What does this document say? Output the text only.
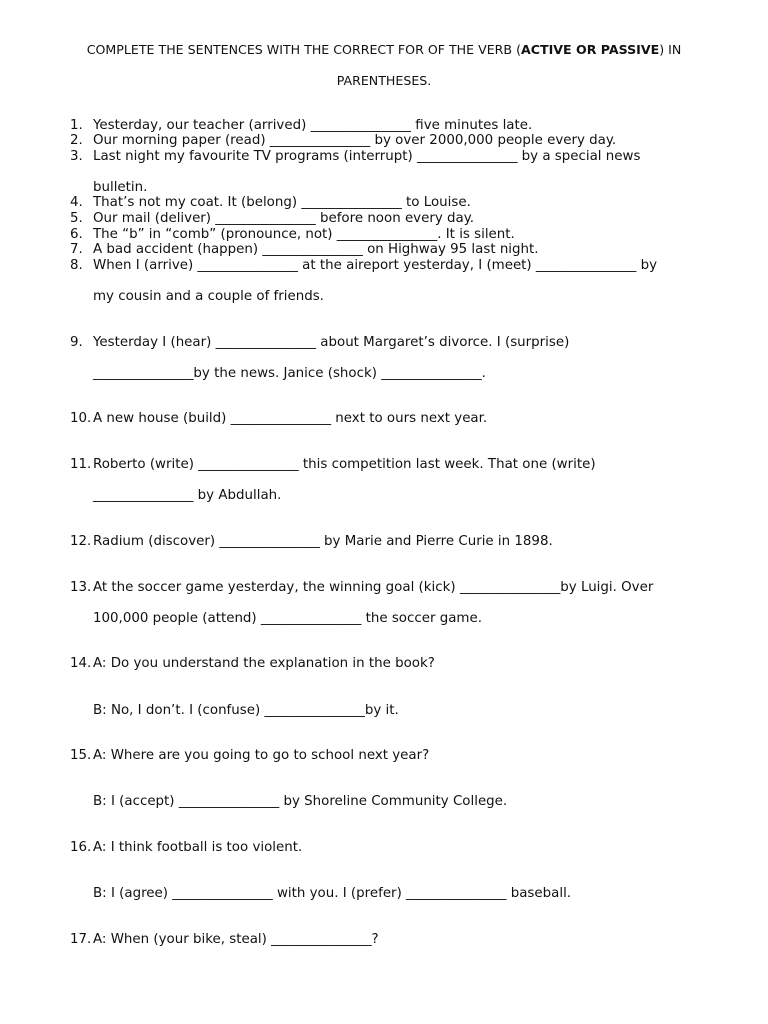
COMPLETE THE SENTENCES WITH THE CORRECT FOR OF THE VERB (ACTIVE OR PASSIVE) IN
PARENTHESES.
1. Yesterday, our teacher (arrived) _______________ five minutes late.
2. Our morning paper (read) _______________ by over 2000,000 people every day.
3. Last night my favourite TV programs (interrupt) _______________ by a special news
bulletin.
4. That’s not my coat. It (belong) _______________ to Louise.
5. Our mail (deliver) _______________ before noon every day.
6. The “b” in “comb” (pronounce, not) _______________. It is silent.
7. A bad accident (happen) _______________ on Highway 95 last night.
8. When I (arrive) _______________ at the aireport yesterday, I (meet) _______________ by
my cousin and a couple of friends.
9. Yesterday I (hear) _______________ about Margaret’s divorce. I (surprise)
_______________by the news. Janice (shock) _______________.
10. A new house (build) _______________ next to ours next year.
11. Roberto (write) _______________ this competition last week. That one (write)
_______________ by Abdullah.
12. Radium (discover) _______________ by Marie and Pierre Curie in 1898.
13. At the soccer game yesterday, the winning goal (kick) _______________by Luigi. Over
100,000 people (attend) _______________ the soccer game.
14. A: Do you understand the explanation in the book?
B: No, I don’t. I (confuse) _______________by it.
15. A: Where are you going to go to school next year?
B: I (accept) _______________ by Shoreline Community College.
16. A: I think football is too violent.
B: I (agree) _______________ with you. I (prefer) _______________ baseball.
17. A: When (your bike, steal) _______________?
